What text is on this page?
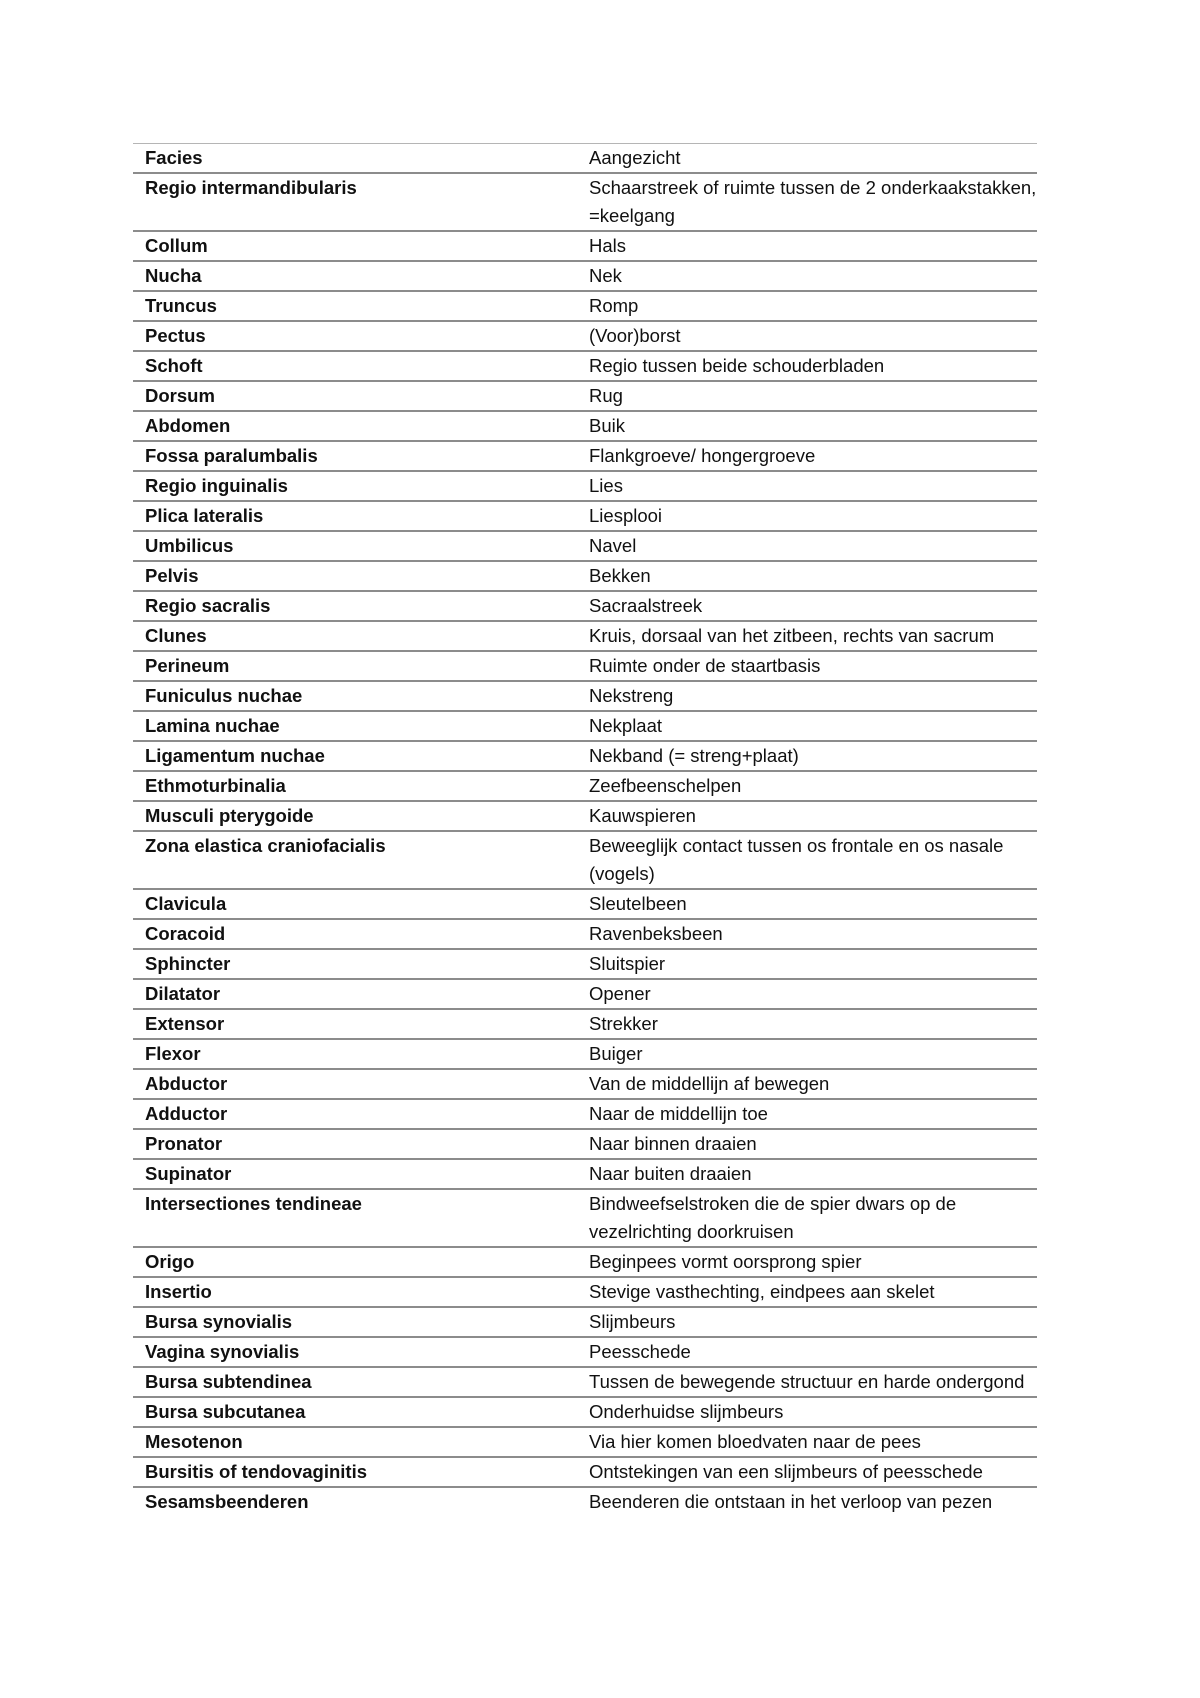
Facies	Aangezicht
Regio intermandibularis	Schaarstreek of ruimte tussen de 2 onderkaakstakken, =keelgang
Collum	Hals
Nucha	Nek
Truncus	Romp
Pectus	(Voor)borst
Schoft	Regio tussen beide schouderbladen
Dorsum	Rug
Abdomen	Buik
Fossa paralumbalis	Flankgroeve/ hongergroeve
Regio inguinalis	Lies
Plica lateralis	Liesplooi
Umbilicus	Navel
Pelvis	Bekken
Regio sacralis	Sacraalstreek
Clunes	Kruis, dorsaal van het zitbeen, rechts van sacrum
Perineum	Ruimte onder de staartbasis
Funiculus nuchae	Nekstreng
Lamina nuchae	Nekplaat
Ligamentum nuchae	Nekband (= streng+plaat)
Ethmoturbinalia	Zeefbeenschelpen
Musculi pterygoide	Kauwspieren
Zona elastica craniofacialis	Beweeglijk contact tussen os frontale en os nasale (vogels)
Clavicula	Sleutelbeen
Coracoid	Ravenbeksbeen
Sphincter	Sluitspier
Dilatator	Opener
Extensor	Strekker
Flexor	Buiger
Abductor	Van de middellijn af bewegen
Adductor	Naar de middellijn toe
Pronator	Naar binnen draaien
Supinator	Naar buiten draaien
Intersectiones tendineae	Bindweefselstroken die de spier dwars op de vezelrichting doorkruisen
Origo	Beginpees vormt oorsprong spier
Insertio	Stevige vasthechting, eindpees aan skelet
Bursa synovialis	Slijmbeurs
Vagina synovialis	Peesschede
Bursa subtendinea	Tussen de bewegende structuur en harde ondergond
Bursa subcutanea	Onderhuidse slijmbeurs
Mesotenon	Via hier komen bloedvaten naar de pees
Bursitis of tendovaginitis	Ontstekingen van een slijmbeurs of peesschede
Sesamsbeenderen	Beenderen die ontstaan in het verloop van pezen
